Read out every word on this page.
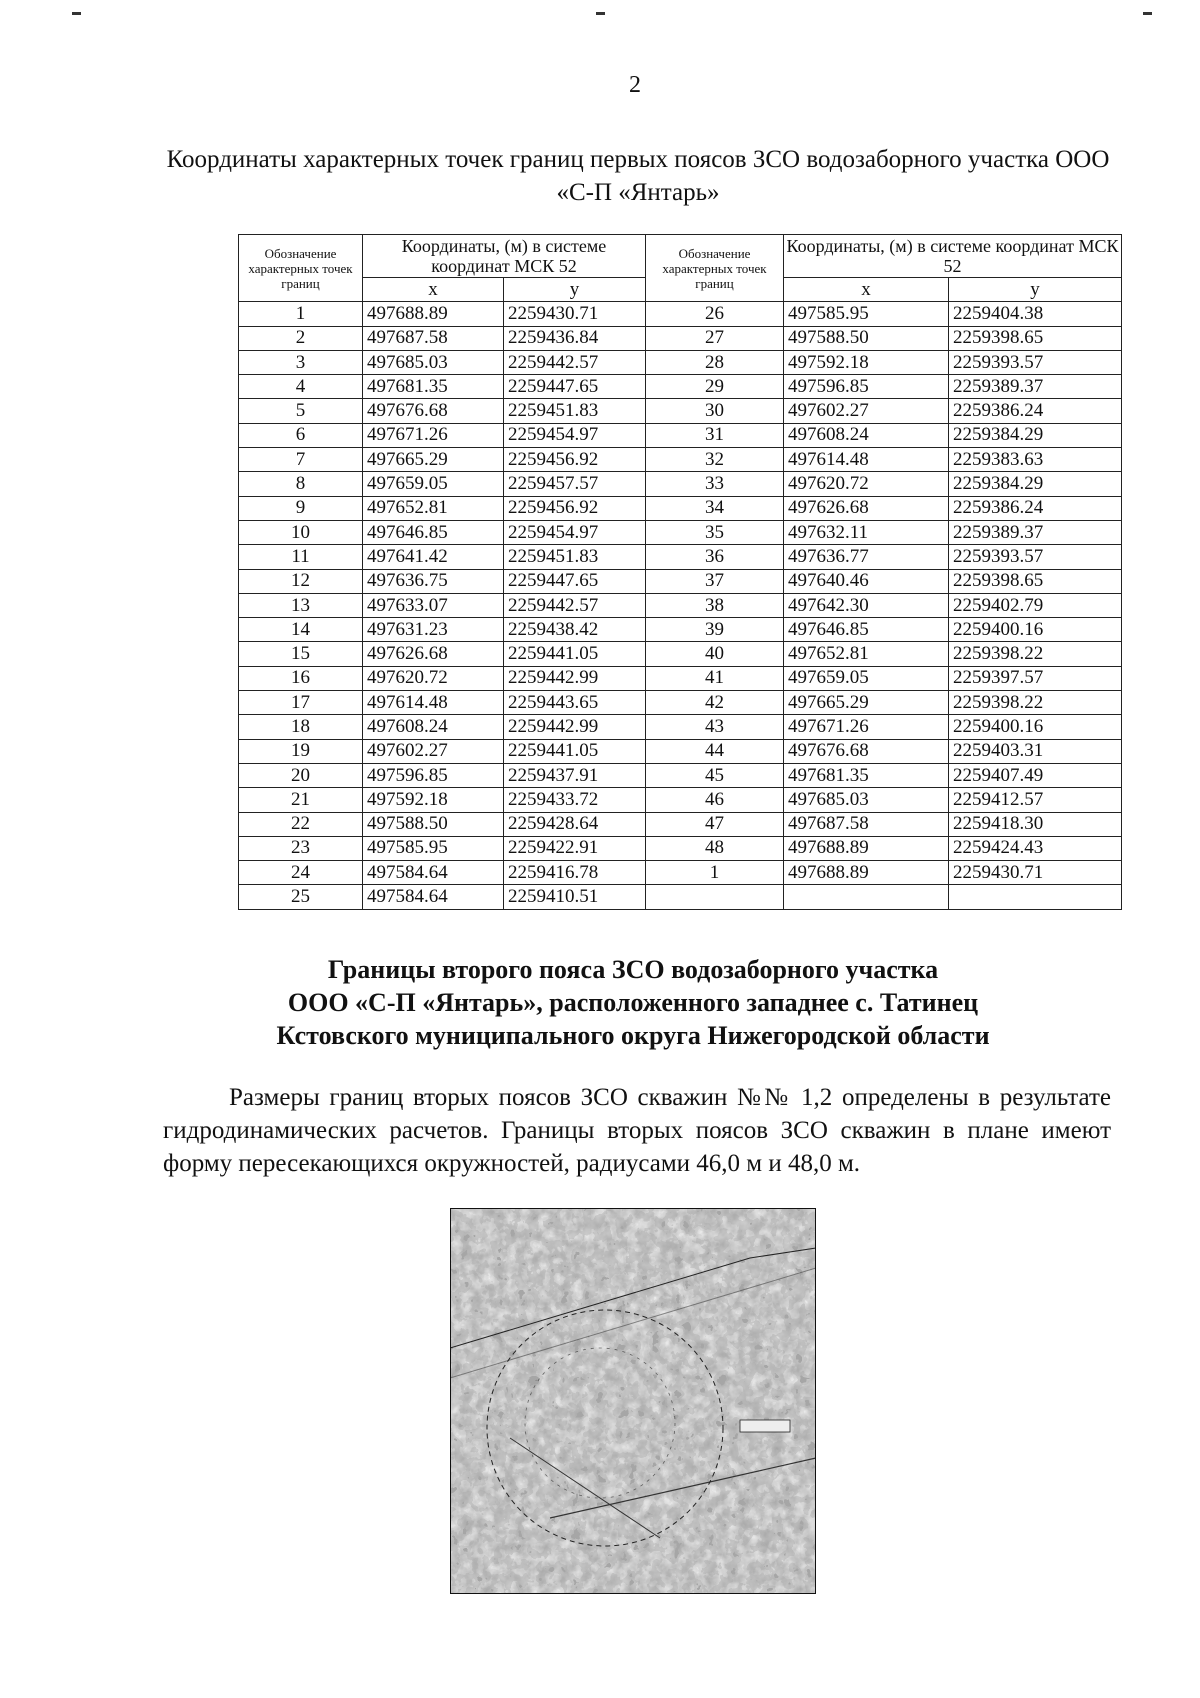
2
Координаты характерных точек границ первых поясов ЗСО водозаборного участка ООО «С-П «Янтарь»
Обозначение характерных точек границ	Координаты, (м) в системе координат МСК 52		Обозначение характерных точек границ	Координаты, (м) в системе координат МСК 52	
	x	y		x	y
1	497688.89	2259430.71	26	497585.95	2259404.38
2	497687.58	2259436.84	27	497588.50	2259398.65
3	497685.03	2259442.57	28	497592.18	2259393.57
4	497681.35	2259447.65	29	497596.85	2259389.37
5	497676.68	2259451.83	30	497602.27	2259386.24
6	497671.26	2259454.97	31	497608.24	2259384.29
7	497665.29	2259456.92	32	497614.48	2259383.63
8	497659.05	2259457.57	33	497620.72	2259384.29
9	497652.81	2259456.92	34	497626.68	2259386.24
10	497646.85	2259454.97	35	497632.11	2259389.37
11	497641.42	2259451.83	36	497636.77	2259393.57
12	497636.75	2259447.65	37	497640.46	2259398.65
13	497633.07	2259442.57	38	497642.30	2259402.79
14	497631.23	2259438.42	39	497646.85	2259400.16
15	497626.68	2259441.05	40	497652.81	2259398.22
16	497620.72	2259442.99	41	497659.05	2259397.57
17	497614.48	2259443.65	42	497665.29	2259398.22
18	497608.24	2259442.99	43	497671.26	2259400.16
19	497602.27	2259441.05	44	497676.68	2259403.31
20	497596.85	2259437.91	45	497681.35	2259407.49
21	497592.18	2259433.72	46	497685.03	2259412.57
22	497588.50	2259428.64	47	497687.58	2259418.30
23	497585.95	2259422.91	48	497688.89	2259424.43
24	497584.64	2259416.78	1	497688.89	2259430.71
25	497584.64	2259410.51			
Границы второго пояса ЗСО водозаборного участка
ООО «С-П «Янтарь», расположенного западнее с. Татинец
Кстовского муниципального округа Нижегородской области
Размеры границ вторых поясов ЗСО скважин №№ 1,2 определены в результате гидродинамических расчетов. Границы вторых поясов ЗСО скважин в плане имеют форму пересекающихся окружностей, радиусами 46,0 м и 48,0 м.
